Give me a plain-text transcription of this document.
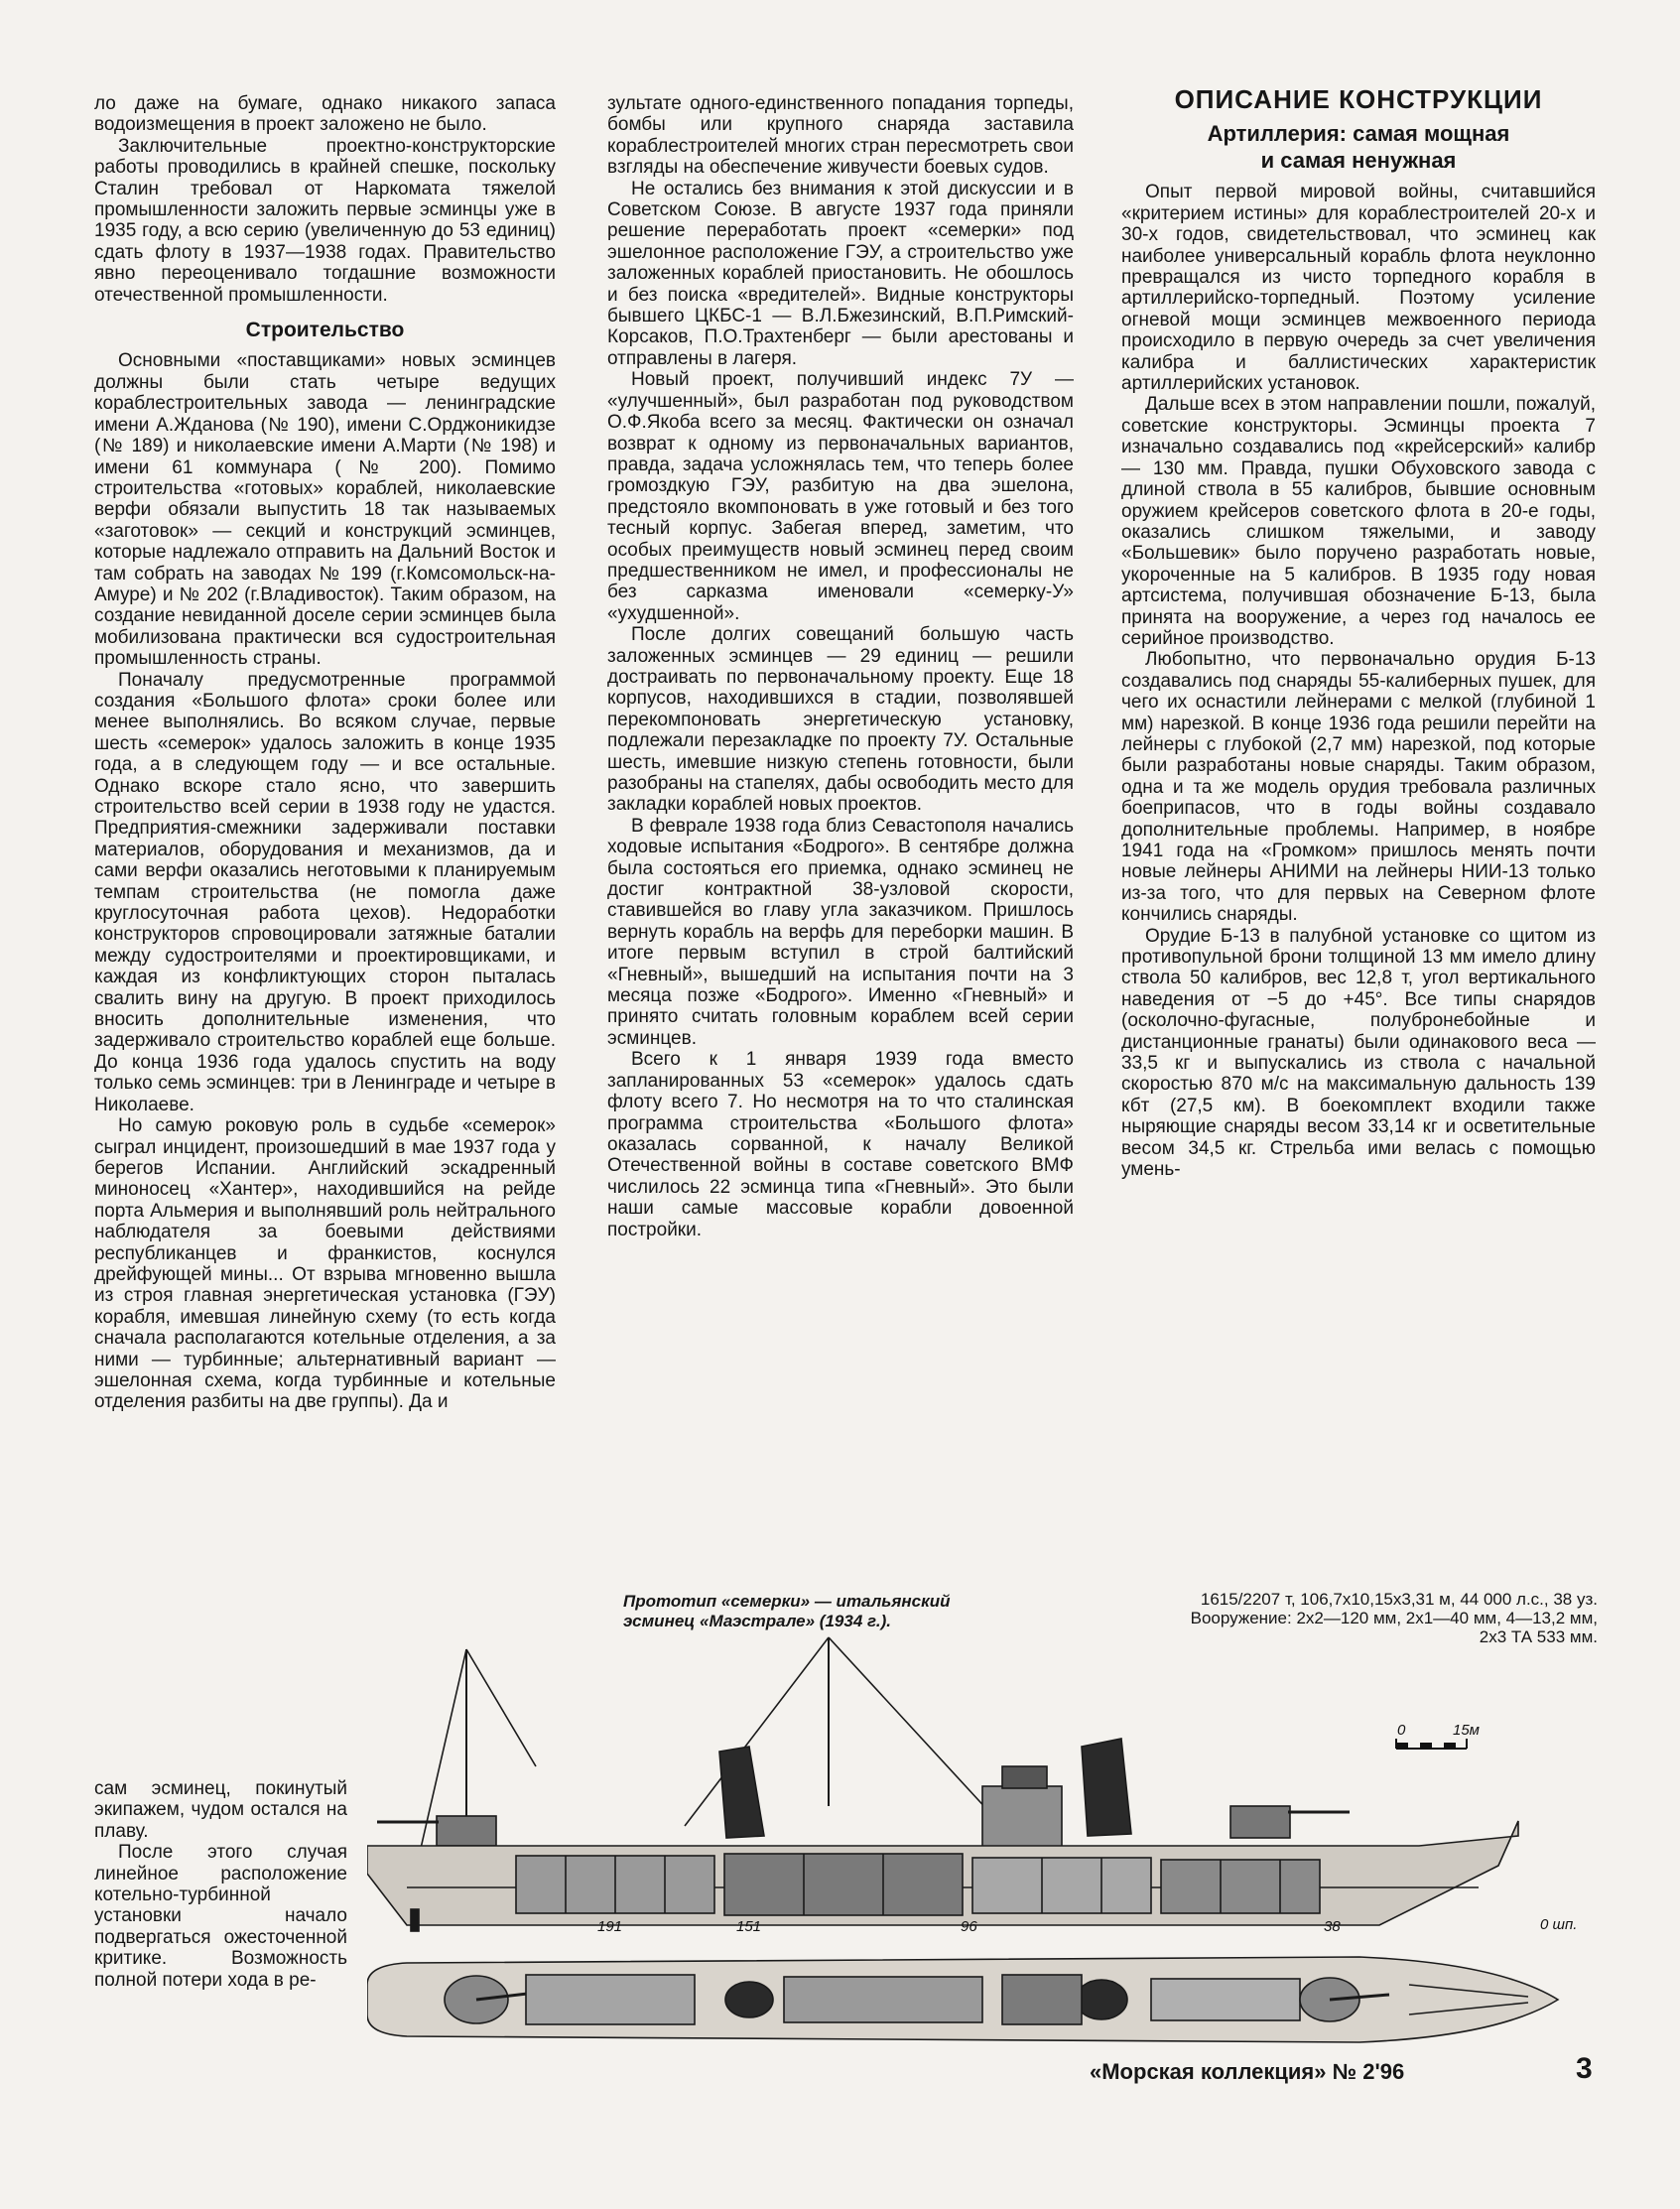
ло даже на бумаге, однако никакого запаса водоизмещения в проект заложено не было.

Заключительные проектно-конструкторские работы проводились в крайней спешке, поскольку Сталин требовал от Наркомата тяжелой промышленности заложить первые эсминцы уже в 1935 году, а всю серию (увеличенную до 53 единиц) сдать флоту в 1937—1938 годах. Правительство явно переоценивало тогдашние возможности отечественной промышленности.

Строительство

Основными «поставщиками» новых эсминцев должны были стать четыре ведущих кораблестроительных завода — ленинградские имени А.Жданова (№ 190), имени С.Орджоникидзе (№ 189) и николаевские имени А.Марти (№ 198) и имени 61 коммунара (№ 200). Помимо строительства «готовых» кораблей, николаевские верфи обязали выпустить 18 так называемых «заготовок» — секций и конструкций эсминцев, которые надлежало отправить на Дальний Восток и там собрать на заводах № 199 (г.Комсомольск-на-Амуре) и № 202 (г.Владивосток). Таким образом, на создание невиданной доселе серии эсминцев была мобилизована практически вся судостроительная промышленность страны.

Поначалу предусмотренные программой создания «Большого флота» сроки более или менее выполнялись. Во всяком случае, первые шесть «семерок» удалось заложить в конце 1935 года, а в следующем году — и все остальные. Однако вскоре стало ясно, что завершить строительство всей серии в 1938 году не удастся. Предприятия-смежники задерживали поставки материалов, оборудования и механизмов, да и сами верфи оказались неготовыми к планируемым темпам строительства (не помогла даже круглосуточная работа цехов). Недоработки конструкторов спровоцировали затяжные баталии между судостроителями и проектировщиками, и каждая из конфликтующих сторон пыталась свалить вину на другую. В проект приходилось вносить дополнительные изменения, что задерживало строительство кораблей еще больше. До конца 1936 года удалось спустить на воду только семь эсминцев: три в Ленинграде и четыре в Николаеве.

Но самую роковую роль в судьбе «семерок» сыграл инцидент, произошедший в мае 1937 года у берегов Испании. Английский эскадренный миноносец «Хантер», находившийся на рейде порта Альмерия и выполнявший роль нейтрального наблюдателя за боевыми действиями республиканцев и франкистов, коснулся дрейфующей мины... От взрыва мгновенно вышла из строя главная энергетическая установка (ГЭУ) корабля, имевшая линейную схему (то есть когда сначала располагаются котельные отделения, а за ними — турбинные; альтернативный вариант — эшелонная схема, когда турбинные и котельные отделения разбиты на две группы). Да и

сам эсминец, покинутый экипажем, чудом остался на плаву.

После этого случая линейное расположение котельно-турбинной установки начало подвергаться ожесточенной критике. Возможность полной потери хода в ре-

зультате одного-единственного попадания торпеды, бомбы или крупного снаряда заставила кораблестроителей многих стран пересмотреть свои взгляды на обеспечение живучести боевых судов.

Не остались без внимания к этой дискуссии и в Советском Союзе. В августе 1937 года приняли решение переработать проект «семерки» под эшелонное расположение ГЭУ, а строительство уже заложенных кораблей приостановить. Не обошлось и без поиска «вредителей». Видные конструкторы бывшего ЦКБС-1 — В.Л.Бжезинский, В.П.Римский-Корсаков, П.О.Трахтенберг — были арестованы и отправлены в лагеря.

Новый проект, получивший индекс 7У — «улучшенный», был разработан под руководством О.Ф.Якоба всего за месяц. Фактически он означал возврат к одному из первоначальных вариантов, правда, задача усложнялась тем, что теперь более громоздкую ГЭУ, разбитую на два эшелона, предстояло вкомпоновать в уже готовый и без того тесный корпус. Забегая вперед, заметим, что особых преимуществ новый эсминец перед своим предшественником не имел, и профессионалы не без сарказма именовали «семерку-У» «ухудшенной».

После долгих совещаний большую часть заложенных эсминцев — 29 единиц — решили достраивать по первоначальному проекту. Еще 18 корпусов, находившихся в стадии, позволявшей перекомпоновать энергетическую установку, подлежали перезакладке по проекту 7У. Остальные шесть, имевшие низкую степень готовности, были разобраны на стапелях, дабы освободить место для закладки кораблей новых проектов.

В феврале 1938 года близ Севастополя начались ходовые испытания «Бодрого». В сентябре должна была состояться его приемка, однако эсминец не достиг контрактной 38-узловой скорости, ставившейся во главу угла заказчиком. Пришлось вернуть корабль на верфь для переборки машин. В итоге первым вступил в строй балтийский «Гневный», вышедший на испытания почти на 3 месяца позже «Бодрого». Именно «Гневный» и принято считать головным кораблем всей серии эсминцев.

Всего к 1 января 1939 года вместо запланированных 53 «семерок» удалось сдать флоту всего 7. Но несмотря на то что сталинская программа строительства «Большого флота» оказалась сорванной, к началу Великой Отечественной войны в составе советского ВМФ числилось 22 эсминца типа «Гневный». Это были наши самые массовые корабли довоенной постройки.

ОПИСАНИЕ КОНСТРУКЦИИ
Артиллерия: самая мощная
и самая ненужная

Опыт первой мировой войны, считавшийся «критерием истины» для кораблестроителей 20-х и 30-х годов, свидетельствовал, что эсминец как наиболее универсальный корабль флота неуклонно превращался из чисто торпедного корабля в артиллерийско-торпедный. Поэтому усиление огневой мощи эсминцев межвоенного периода происходило в первую очередь за счет увеличения калибра и баллистических характеристик артиллерийских установок.

Дальше всех в этом направлении пошли, пожалуй, советские конструкторы. Эсминцы проекта 7 изначально создавались под «крейсерский» калибр — 130 мм. Правда, пушки Обуховского завода с длиной ствола в 55 калибров, бывшие основным оружием крейсеров советского флота в 20-е годы, оказались слишком тяжелыми, и заводу «Большевик» было поручено разработать новые, укороченные на 5 калибров. В 1935 году новая артсистема, получившая обозначение Б-13, была принята на вооружение, а через год началось ее серийное производство.

Любопытно, что первоначально орудия Б-13 создавались под снаряды 55-калиберных пушек, для чего их оснастили лейнерами с мелкой (глубиной 1 мм) нарезкой. В конце 1936 года решили перейти на лейнеры с глубокой (2,7 мм) нарезкой, под которые были разработаны новые снаряды. Таким образом, одна и та же модель орудия требовала различных боеприпасов, что в годы войны создавало дополнительные проблемы. Например, в ноябре 1941 года на «Громком» пришлось менять почти новые лейнеры АНИМИ на лейнеры НИИ-13 только из-за того, что для первых на Северном флоте кончились снаряды.

Орудие Б-13 в палубной установке со щитом из противопульной брони толщиной 13 мм имело длину ствола 50 калибров, вес 12,8 т, угол вертикального наведения от −5 до +45°. Все типы снарядов (осколочно-фугасные, полубронебойные и дистанционные гранаты) были одинакового веса — 33,5 кг и выпускались из ствола с начальной скоростью 870 м/с на максимальную дальность 139 кбт (27,5 км). В боекомплект входили также ныряющие снаряды весом 33,14 кг и осветительные весом 34,5 кг. Стрельба ими велась с помощью умень-

Прототип «семерки» — итальянский
эсминец «Маэстрале» (1934 г.).
1615/2207 т, 106,7x10,15x3,31 м, 44 000 л.с., 38 уз. Вооружение: 2x2—120 мм, 2x1—40 мм, 4—13,2 мм, 2x3 ТА 533 мм.
0	15м
191	151	96	38	0 шп.
«Морская коллекция» № 2'96	3
